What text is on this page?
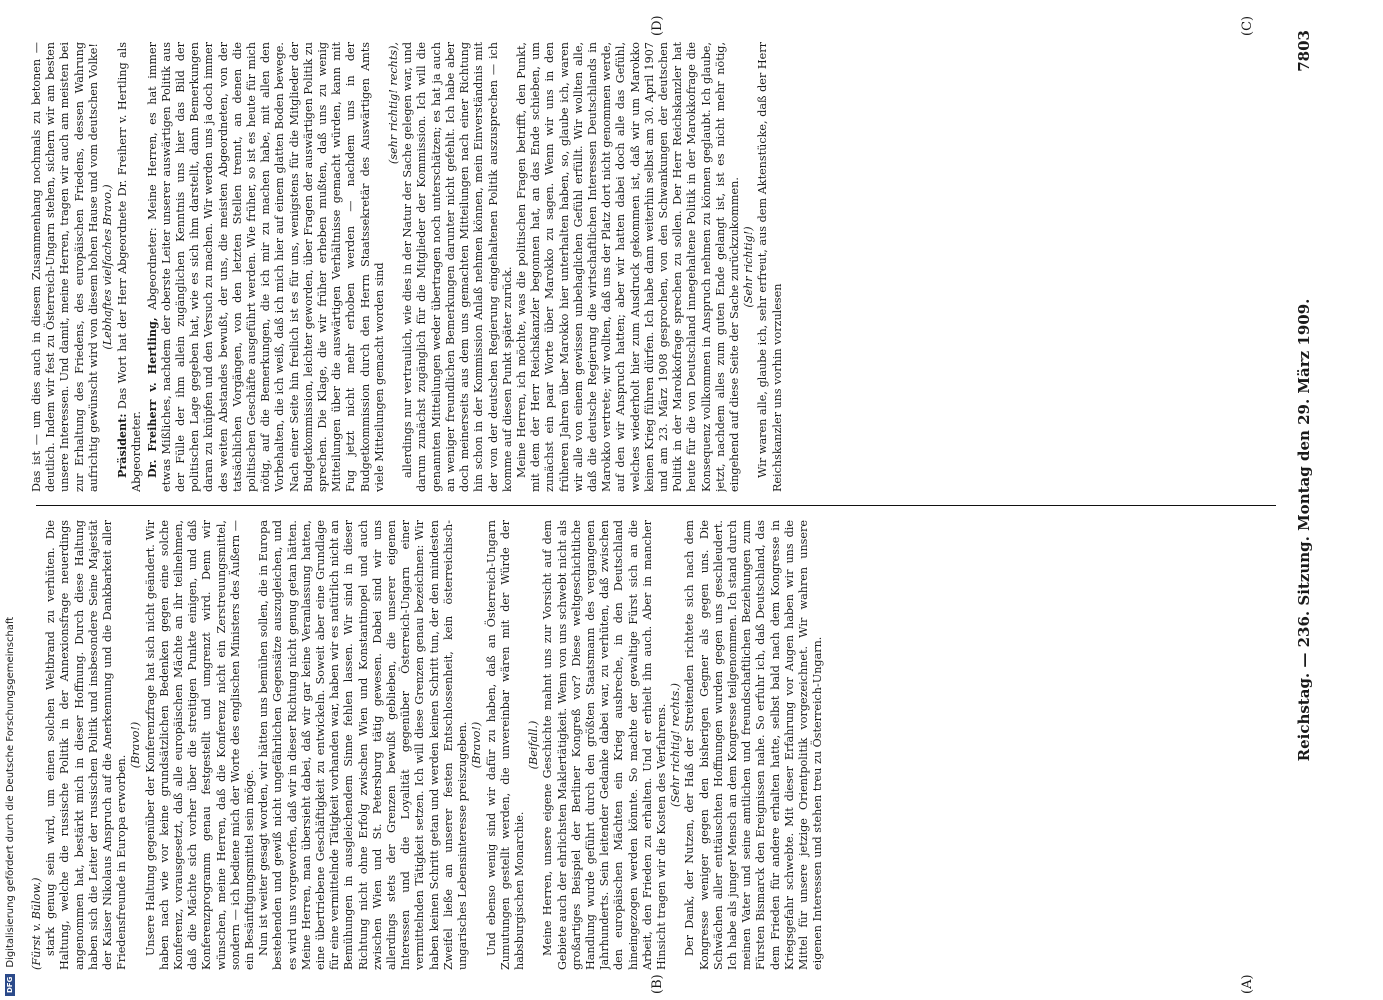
Reichstag. — 236. Sitzung. Montag den 29. März 1909.
7803

(Fürst v. Bülow.) stark genug sein wird, um einen solchen Weltbrand zu verhüten. Die Haltung, welche die russische Politik in der Annexionsfrage neuerdings angenommen hat, bestärkt mich in dieser Hoffnung. Durch diese Haltung haben sich die Leiter der russischen Politik und insbesondere Seine Majestät der Kaiser Nikolaus Anspruch auf die Anerkennung und die Dankbarkeit aller Friedensfreunde in Europa erworben.

(Bravo!) Unsere Haltung gegenüber der Konferenzfrage hat sich nicht geändert. Wir haben nach wie vor keine grundsätzlichen Bedenken gegen eine solche Konferenz, vorausgesetzt, daß alle europäischen Mächte an ihr teilnehmen, daß die Mächte sich vorher über die streitigen Punkte einigen, und daß Konferenzprogramm genau festgestellt und umgrenzt wird. Denn wir wünschen, meine Herren, daß die Konferenz nicht ein Zerstreuungsmittel, sondern — ich bediene mich der Worte des englischen Ministers des Äußern — ein Besänftigungsmittel sein möge. Nun ist weiter gesagt worden, wir hätten uns bemühen sollen, die in Europa bestehenden und gewiß nicht ungefährlichen Gegensätze auszugleichen, und es wird uns vorgeworfen, daß wir in dieser Richtung nicht genug getan hätten. Meine Herren, man übersieht dabei, daß wir gar keine Veranlassung hatten, eine übertriebene Geschäftigkeit zu entwickeln. Soweit aber eine Grundlage für eine vermittelnde Tätigkeit vorhanden war, haben wir es natürlich nicht an Bemühungen in ausgleichendem Sinne fehlen lassen. Wir sind in dieser Richtung nicht ohne Erfolg zwischen Wien und Konstantinopel und auch zwischen Wien und St. Petersburg tätig gewesen. Dabei sind wir uns allerdings stets der Grenzen bewußt geblieben, die unserer eigenen Interessen und die Loyalität gegenüber Österreich-Ungarn einer vermittelnden Tätigkeit setzen. Ich will diese Grenzen genau bezeichnen: Wir haben keinen Schritt getan und werden keinen Schritt tun, der den mindesten Zweifel ließe an unserer festen Entschlossenheit, kein österreichisch-ungarisches Lebensinteresse preiszugeben. (Bravo!) Und ebenso wenig sind wir dafür zu haben, daß an Österreich-Ungarn Zumutungen gestellt werden, die unvereinbar wären mit der Würde der habsburgischen Monarchie.

(Beifall.) Meine Herren, unsere eigene Geschichte mahnt uns zur Vorsicht auf dem Gebiete auch der ehrlichsten Maklertätigkeit. Wenn von uns schwebt nicht als großartiges Beispiel der Berliner Kongreß vor? Diese weltgeschichtliche Handlung wurde geführt durch den größten Staatsmann des vergangenen Jahrhunderts. Sein leitender Gedanke dabei war, zu verhüten, daß zwischen den europäischen Mächten ein Krieg ausbreche, in den Deutschland hineingezogen werden könnte. So machte der gewaltige Fürst sich an die Arbeit, den Frieden zu erhalten. Und er erhielt ihn auch. Aber in mancher Hinsicht tragen wir die Kosten des Verfahrens. (Sehr richtig! rechts.) Der Dank, der Nutzen, der Haß der Streitenden richtete sich nach dem Kongresse weniger gegen den bisherigen Gegner als gegen uns. Die Schwächen aller enttäuschten Hoffnungen wurden gegen uns geschleudert. Ich habe als junger Mensch an dem Kongresse teilgenommen. Ich stand durch meinen Vater und seine amtlichen und freundschaftlichen Beziehungen zum Fürsten Bismarck den Ereignissen nahe. So erfuhr ich, daß Deutschland, das dem Frieden für andere erhalten hatte, selbst bald nach dem Kongresse in Kriegsgefahr schwebte. Mit dieser Erfahrung vor Augen haben wir uns die Mittel für unsere jetzige Orientpolitik vorgezeichnet. Wir wahren unsere eigenen Interessen und stehen treu zu Österreich-Ungarn.

Das ist — um dies auch in diesem Zusammenhang nochmals zu betonen — deutlich. Indem wir fest zu Österreich-Ungarn stehen, sichern wir am besten unsere Interessen. Und damit, meine Herren, tragen wir auch am meisten bei zur Erhaltung des Friedens, des europäischen Friedens, dessen Wahrung aufrichtig gewünscht wird von diesem hohen Hause und vom deutschen Volke! (Lebhaftes vielfaches Bravo.)

Präsident: Das Wort hat der Herr Abgeordnete Dr. Freiherr v. Hertling als Abgeordneter. Dr. Freiherr v. Hertling, Abgeordneter: Meine Herren, es hat immer etwas Mißliches, nachdem der oberste Leiter unserer auswärtigen Politik aus der Fülle der ihm allein zugänglichen Kenntnis uns hier das Bild der politischen Lage gegeben hat, wie es sich ihm darstellt, dann Bemerkungen daran zu knüpfen und den Versuch zu machen. Wir werden uns ja doch immer des weiten Abstandes bewußt, der uns, die meisten Abgeordneten, von der tatsächlichen Vorgängen, von den letzten Stellen trennt, an denen die politischen Geschäfte ausgeführt werden. Wie früher, so ist es heute für mich nötig, auf die Bemerkungen, die ich mir zu machen habe, mit allen den Vorbehalten, die ich weiß, daß ich mich hier auf einem glatten Boden bewege. Nach einer Seite hin freilich ist es für uns, wenigstens für die Mitglieder der Budgetkommission, leichter geworden, über Fragen der auswärtigen Politik zu sprechen. Die Klage, die wir früher erheben mußten, daß uns zu wenig Mitteilungen über die auswärtigen Verhältnisse gemacht würden, kann mit Fug jetzt nicht mehr erhoben werden — nachdem uns in der Budgetkommission durch den Herrn Staatssekretär des Auswärtigen Amts viele Mitteilungen gemacht worden sind

(sehr richtig! rechts), allerdings nur vertraulich, wie dies in der Natur der Sache gelegen war, und darum zunächst zugänglich für die Mitglieder der Kommission. Ich will die genannten Mitteilungen weder übertragen noch unterschätzen; es hat ja auch an weniger freundlichen Bemerkungen darunter nicht gefehlt. Ich habe aber doch meinerseits aus dem uns gemachten Mitteilungen nach einer Richtung hin schon in der Kommission Anlaß nehmen können, mein Einverständnis mit der von der deutschen Regierung eingehaltenen Politik auszusprechen — ich komme auf diesen Punkt später zurück. Meine Herren, ich möchte, was die politischen Fragen betrifft, den Punkt, mit dem der Herr Reichskanzler begonnen hat, an das Ende schieben, um zunächst ein paar Worte über Marokko zu sagen. Wenn wir uns in den früheren Jahren über Marokko hier unterhalten haben, so, glaube ich, waren wir alle von einem gewissen unbehaglichen Gefühl erfüllt. Wir wollten alle, daß die deutsche Regierung die wirtschaftlichen Interessen Deutschlands in Marokko vertrete; wir wollten, daß uns der Platz dort nicht genommen werde, auf den wir Anspruch hatten; aber wir hatten dabei doch alle das Gefühl, welches wiederholt hier zum Ausdruck gekommen ist, daß wir um Marokko keinen Krieg führen dürfen. Ich habe dann weiterhin selbst am 30. April 1907 und am 23. März 1908 gesprochen, von den Schwankungen der deutschen Politik in der Marokkofrage sprechen zu sollen. Der Herr Reichskanzler hat heute für die von Deutschland innegehaltene Politik in der Marokkofrage die Konsequenz vollkommen in Anspruch nehmen zu können geglaubt. Ich glaube, jetzt, nachdem alles zum guten Ende gelangt ist, ist es nicht mehr nötig, eingehend auf diese Seite der Sache zurückzukommen. (Sehr richtig!) Wir waren alle, glaube ich, sehr erfreut, aus dem Aktenstücke, daß der Herr Reichskanzler uns vorhin vorzulesen

(A)
(B)
(C)
(D)
DFG
Digitalisierung gefördert durch die Deutsche Forschungsgemeinschaft
